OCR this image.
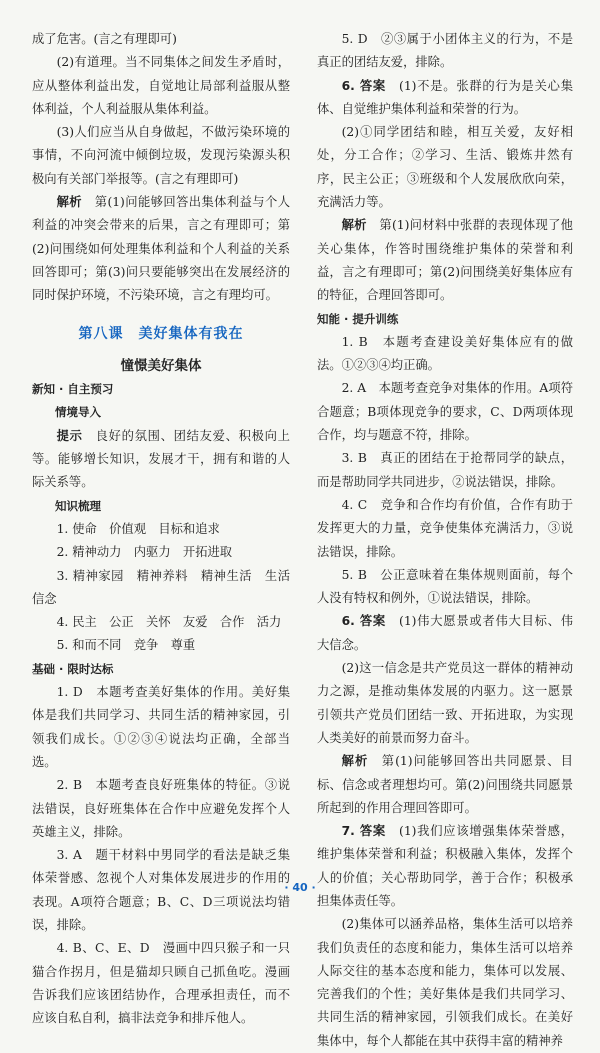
成了危害。(言之有理即可)

(2)有道理。当不同集体之间发生矛盾时，应从整体利益出发，自觉地让局部利益服从整体利益，个人利益服从集体利益。

(3)人们应当从自身做起，不做污染环境的事情，不向河流中倾倒垃圾，发现污染源头积极向有关部门举报等。(言之有理即可)

解析　 第(1)问能够回答出集体利益与个人利益的冲突会带来的后果，言之有理即可；第(2)问围绕如何处理集体利益和个人利益的关系回答即可；第(3)问只要能够突出在发展经济的同时保护环境，不污染环境，言之有理均可。

第八课　美好集体有我在

憧憬美好集体

新知 · 自主预习

情境导入

提示　 良好的氛围、团结友爱、积极向上等。能够增长知识，发展才干，拥有和谐的人际关系等。

知识梳理

1. 使命　价值观　目标和追求

2. 精神动力　内驱力　开拓进取

3. 精神家园　精神养料　精神生活　生活信念

4. 民主　公正　关怀　友爱　合作　活力

5. 和而不同　竞争　尊重

基础 · 限时达标

1. D　本题考查美好集体的作用。美好集体是我们共同学习、共同生活的精神家园，引领我们成长。①②③④说法均正确，全部当选。

2. B　本题考查良好班集体的特征。③说法错误，良好班集体在合作中应避免发挥个人英雄主义，排除。

3. A　题干材料中男同学的看法是缺乏集体荣誉感、忽视个人对集体发展进步的作用的表现。A项符合题意；B、C、D三项说法均错误，排除。

4. B、C、E、D　漫画中四只猴子和一只猫合作拐月，但是猫却只顾自己抓鱼吃。漫画告诉我们应该团结协作，合理承担责任，而不应该自私自利，搞非法竞争和排斥他人。

5. D　②③属于小团体主义的行为，不是真正的团结友爱，排除。

6. 答案　 (1)不是。张群的行为是关心集体、自觉维护集体利益和荣誉的行为。

(2)①同学团结和睦，相互关爱，友好相处，分工合作；②学习、生活、锻炼井然有序，民主公正；③班级和个人发展欣欣向荣，充满活力等。

解析　 第(1)问材料中张群的表现体现了他关心集体，作答时围绕维护集体的荣誉和利益，言之有理即可；第(2)问围绕美好集体应有的特征，合理回答即可。

知能 · 提升训练

1. B　本题考查建设美好集体应有的做法。①②③④均正确。

2. A　本题考查竞争对集体的作用。A项符合题意；B项体现竞争的要求，C、D两项体现合作，均与题意不符，排除。

3. B　真正的团结在于抢帮同学的缺点，而是帮助同学共同进步，②说法错误，排除。

4. C　竞争和合作均有价值，合作有助于发挥更大的力量，竞争使集体充满活力，③说法错误，排除。

5. B　公正意味着在集体规则面前，每个人没有特权和例外，①说法错误，排除。

6. 答案　 (1)伟大愿景或者伟大目标、伟大信念。

(2)这一信念是共产党员这一群体的精神动力之源，是推动集体发展的内驱力。这一愿景引领共产党员们团结一致、开拓进取，为实现人类美好的前景而努力奋斗。

解析　 第(1)问能够回答出共同愿景、目标、信念或者理想均可。第(2)问围绕共同愿景所起到的作用合理回答即可。

7. 答案　 (1)我们应该增强集体荣誉感，维护集体荣誉和利益；积极融入集体，发挥个人的价值；关心帮助同学，善于合作；积极承担集体责任等。

(2)集体可以涵养品格，集体生活可以培养我们负责任的态度和能力，集体生活可以培养人际交往的基本态度和能力，集体可以发展、完善我们的个性；美好集体是我们共同学习、共同生活的精神家园，引领我们成长。在美好集体中，每个人都能在其中获得丰富的精神养

· 40 ·
